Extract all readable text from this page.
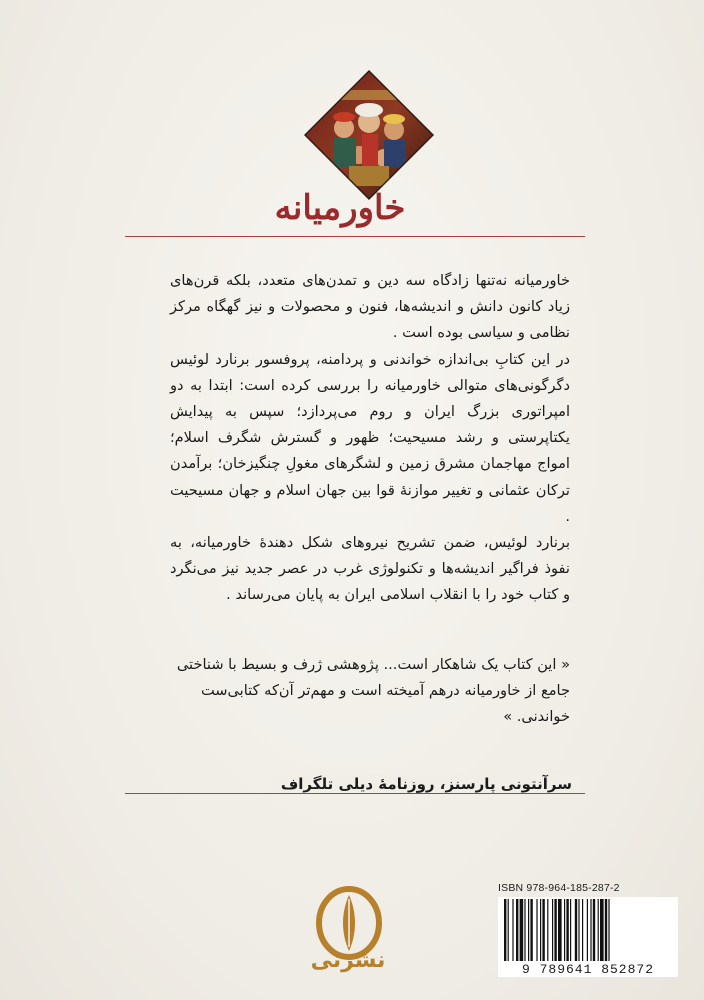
خاورمیانه

خاورمیانه نه‌تنها زادگاه سه دین و تمدن‌های متعدد، بلکه قرن‌های زیاد کانون دانش و اندیشه‌ها، فنون و محصولات و نیز گهگاه مرکز نظامی و سیاسی بوده است .

در این کتابِ بی‌اندازه خواندنی و پردامنه، پروفسور برنارد لوئیس دگرگونی‌های متوالی خاورمیانه را بررسی کرده است: ابتدا به دو امپراتوری بزرگ ایران و روم می‌پردازد؛ سپس به پیدایش یکتاپرستی و رشد مسیحیت؛ ظهور و گسترش شگرف اسلام؛ امواج مهاجمان مشرق زمین و لشگرهای مغولِ چنگیزخان؛ برآمدن ترکان عثمانی و تغییر موازنهٔ قوا بین جهان اسلام و جهان مسیحیت .

برنارد لوئیس، ضمن تشریح نیروهای شکل دهندهٔ خاورمیانه، به نفوذ فراگیر اندیشه‌ها و تکنولوژی غرب در عصر جدید نیز می‌نگرد و کتاب خود را با انقلاب اسلامی ایران به پایان می‌رساند .

« این کتاب یک شاهکار است... پژوهشی ژرف و بسیط با شناختی جامع از خاورمیانه درهم آمیخته است و مهم‌تر آن‌که کتابی‌ست خواندنی. »
سرآنتونی پارسنز، روزنامهٔ دیلی تلگراف
نشرنی
ISBN 978-964-185-287-2
9 789641 852872
